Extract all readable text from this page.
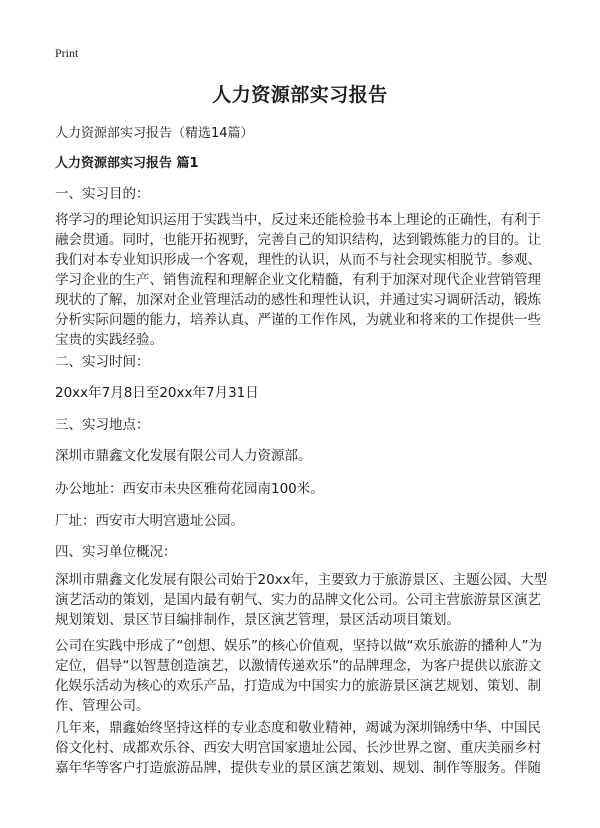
Print
人力资源部实习报告
人力资源部实习报告（精选14篇）
人力资源部实习报告 篇1
一、实习目的：
将学习的理论知识运用于实践当中，反过来还能检验书本上理论的正确性，有利于
融会贯通。同时，也能开拓视野，完善自己的知识结构，达到锻炼能力的目的。让
我们对本专业知识形成一个客观，理性的认识，从而不与社会现实相脱节。参观、
学习企业的生产、销售流程和理解企业文化精髓，有利于加深对现代企业营销管理
现状的了解，加深对企业管理活动的感性和理性认识，并通过实习调研活动，锻炼
分析实际问题的能力，培养认真、严谨的工作作风，为就业和将来的工作提供一些
宝贵的实践经验。
二、实习时间：
20xx年7月8日至20xx年7月31日
三、实习地点：
深圳市鼎鑫文化发展有限公司人力资源部。
办公地址：西安市未央区雅荷花园南100米。
厂址：西安市大明宫遗址公园。
四、实习单位概况：
深圳市鼎鑫文化发展有限公司始于20xx年，主要致力于旅游景区、主题公园、大型
演艺活动的策划，是国内最有朝气、实力的品牌文化公司。公司主营旅游景区演艺
规划策划、景区节目编排制作，景区演艺管理，景区活动项目策划。
公司在实践中形成了“创想、娱乐”的核心价值观，坚持以做“欢乐旅游的播种人”为
定位，倡导“以智慧创造演艺，以激情传递欢乐”的品牌理念，为客户提供以旅游文
化娱乐活动为核心的欢乐产品，打造成为中国实力的旅游景区演艺规划、策划、制
作、管理公司。
几年来，鼎鑫始终坚持这样的专业态度和敬业精神，竭诚为深圳锦绣中华、中国民
俗文化村、成都欢乐谷、西安大明宫国家遗址公园、长沙世界之窗、重庆美丽乡村
嘉年华等客户打造旅游品牌，提供专业的景区演艺策划、规划、制作等服务。伴随
